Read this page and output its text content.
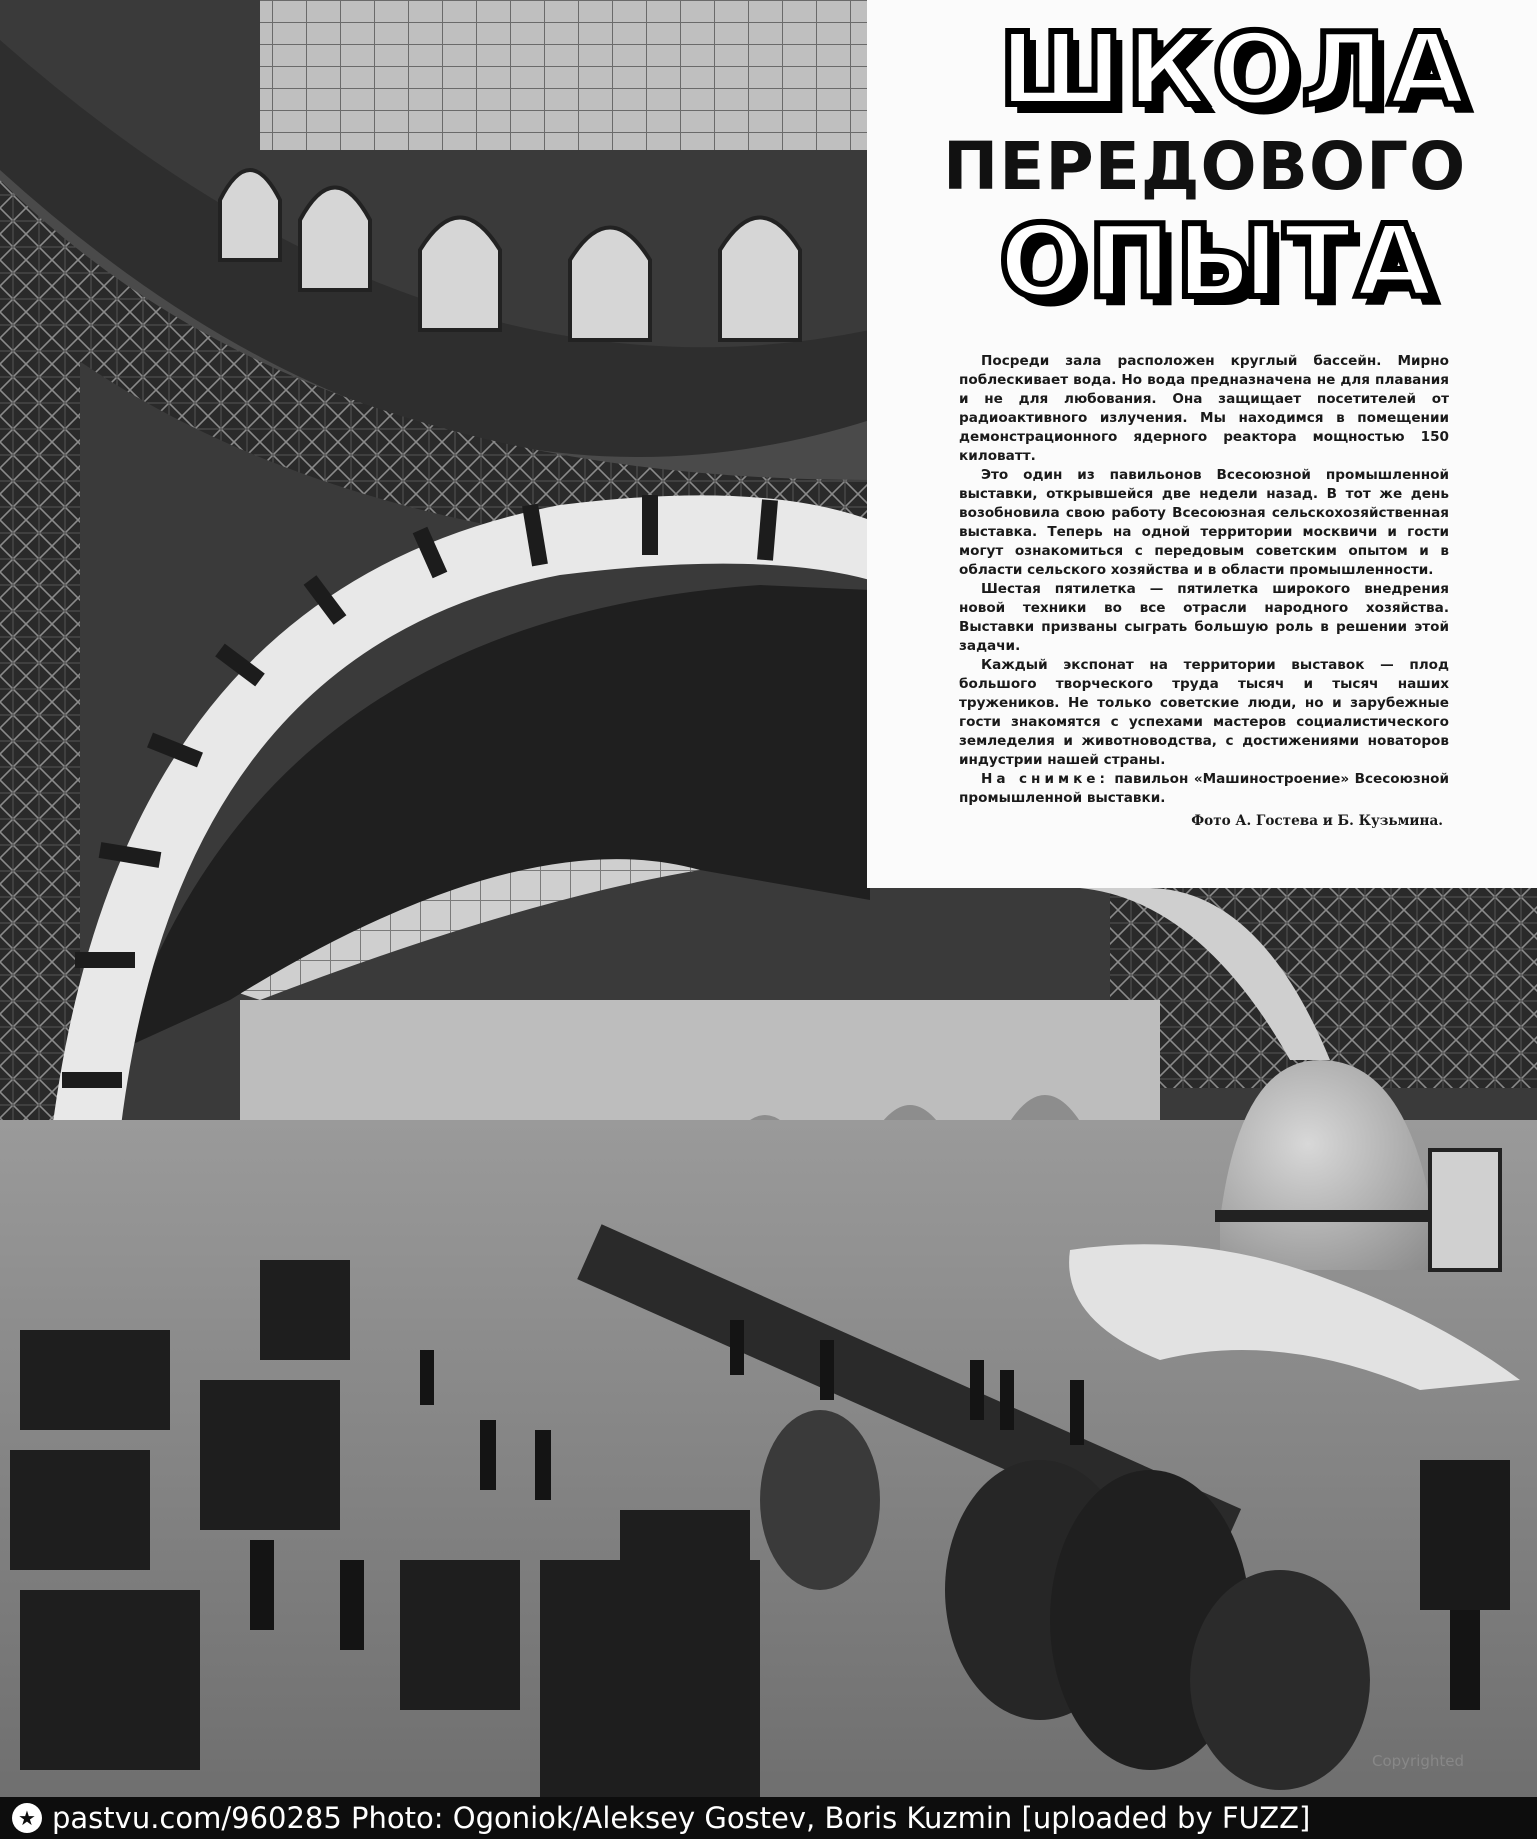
ШКОЛА
ПЕРЕДОВОГО
ОПЫТА

Посреди зала расположен круглый бассейн. Мирно поблескивает вода. Но вода предназначена не для плавания и не для любования. Она защищает посетителей от радиоактивного излучения. Мы находимся в помещении демонстрационного ядерного реактора мощностью 150 киловатт.

Это один из павильонов Всесоюзной промышленной выставки, открывшейся две недели назад. В тот же день возобновила свою работу Всесоюзная сельскохозяйственная выставка. Теперь на одной территории москвичи и гости могут ознакомиться с передовым советским опытом и в области сельского хозяйства и в области промышленности.

Шестая пятилетка — пятилетка широкого внедрения новой техники во все отрасли народного хозяйства. Выставки призваны сыграть большую роль в решении этой задачи.

Каждый экспонат на территории выставок — плод большого творческого труда тысяч и тысяч наших тружеников. Не только советские люди, но и зарубежные гости знакомятся с успехами мастеров социалистического земледелия и животноводства, с достижениями новаторов индустрии нашей страны.

На снимке: павильон «Машиностроение» Всесоюзной промышленной выставки.

Фото А. Гостева и Б. Кузьмина.
Copyrighted
★ pastvu.com/960285 Photo: Ogoniok/Aleksey Gostev, Boris Kuzmin [uploaded by FUZZ]
